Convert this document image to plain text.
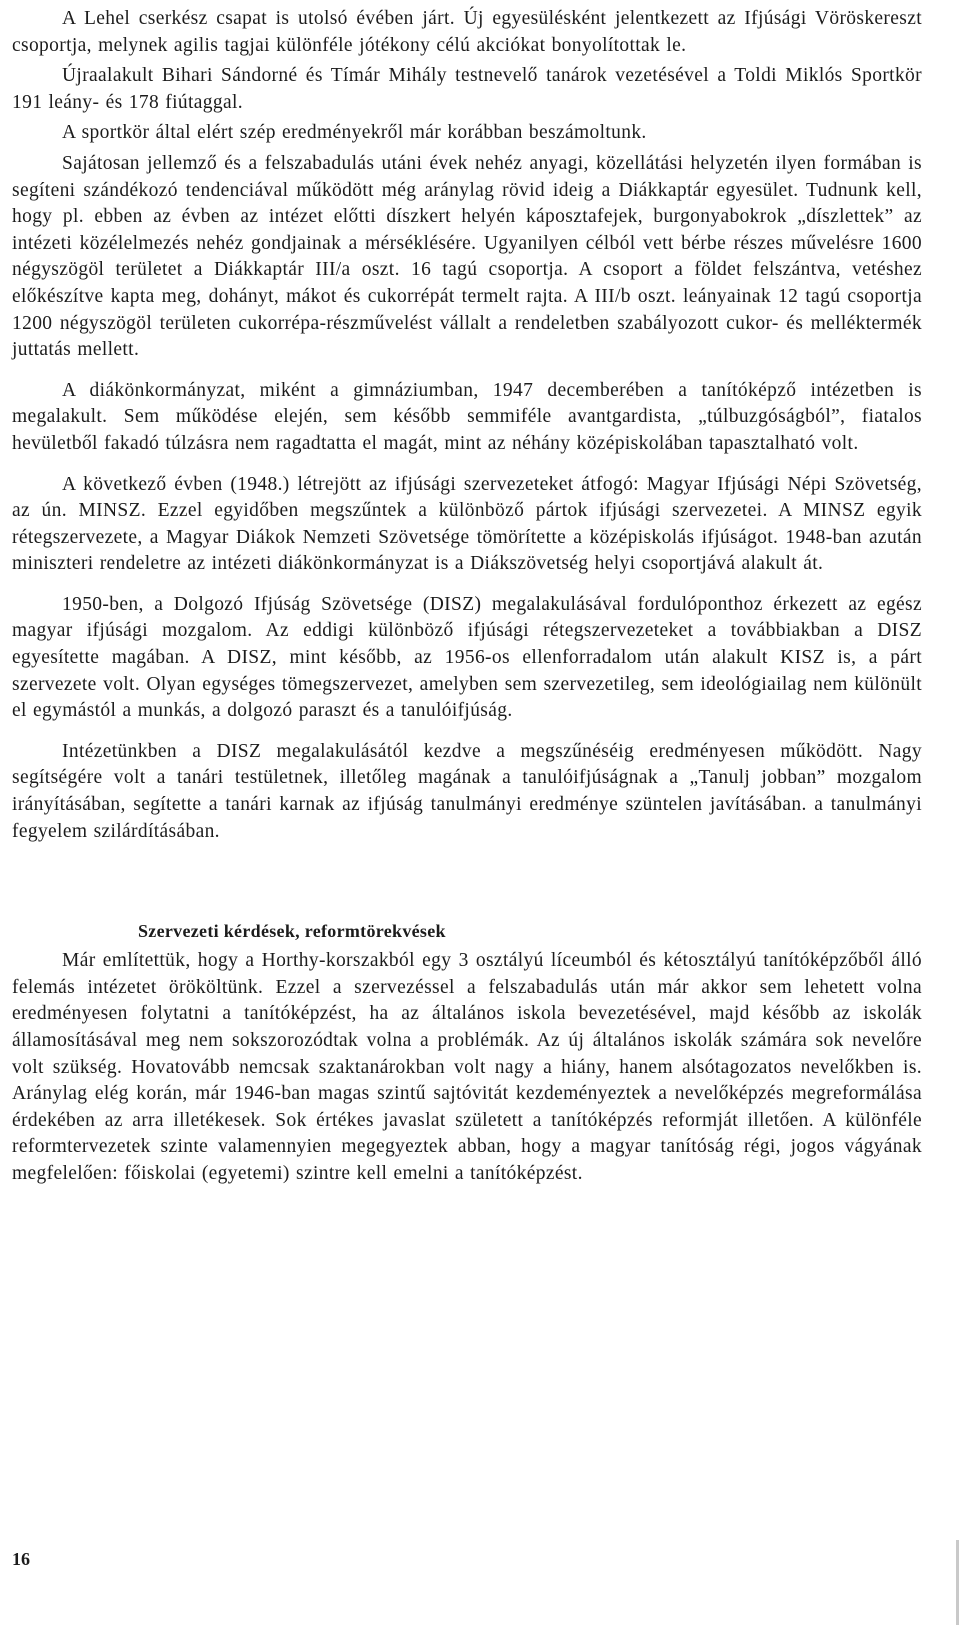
A Lehel cserkész csapat is utolsó évében járt. Új egyesülésként jelentkezett az Ifjúsági Vöröskereszt csoportja, melynek agilis tagjai különféle jótékony célú akciókat bonyolítottak le.

Újraalakult Bihari Sándorné és Tímár Mihály testnevelő tanárok vezetésével a Toldi Miklós Sportkör 191 leány- és 178 fiútaggal.

A sportkör által elért szép eredményekről már korábban beszámoltunk.

Sajátosan jellemző és a felszabadulás utáni évek nehéz anyagi, közellátási helyzetén ilyen formában is segíteni szándékozó tendenciával működött még aránylag rövid ideig a Diákkaptár egyesület. Tudnunk kell, hogy pl. ebben az évben az intézet előtti díszkert helyén káposztafejek, burgonyabokrok „díszlettek” az intézeti közélelmezés nehéz gondjainak a mérséklésére. Ugyanilyen célból vett bérbe részes művelésre 1600 négyszögöl területet a Diákkaptár III/a oszt. 16 tagú csoportja. A csoport a földet felszántva, vetéshez előkészítve kapta meg, dohányt, mákot és cukorrépát termelt rajta. A III/b oszt. leányainak 12 tagú csoportja 1200 négyszögöl területen cukorrépa-részművelést vállalt a rendeletben szabályozott cukor- és melléktermék juttatás mellett.

A diákönkormányzat, miként a gimnáziumban, 1947 decemberében a tanítóképző intézetben is megalakult. Sem működése elején, sem később semmiféle avantgardista, „túlbuzgóságból”, fiatalos hevületből fakadó túlzásra nem ragadtatta el magát, mint az néhány középiskolában tapasztalható volt.

A következő évben (1948.) létrejött az ifjúsági szervezeteket átfogó: Magyar Ifjúsági Népi Szövetség, az ún. MINSZ. Ezzel egyidőben megszűntek a különböző pártok ifjúsági szervezetei. A MINSZ egyik rétegszervezete, a Magyar Diákok Nemzeti Szövetsége tömörítette a középiskolás ifjúságot. 1948-ban azután miniszteri rendeletre az intézeti diákönkormányzat is a Diákszövetség helyi csoportjává alakult át.

1950-ben, a Dolgozó Ifjúság Szövetsége (DISZ) megalakulásával fordulóponthoz érkezett az egész magyar ifjúsági mozgalom. Az eddigi különböző ifjúsági rétegszervezeteket a továbbiakban a DISZ egyesítette magában. A DISZ, mint később, az 1956-os ellenforradalom után alakult KISZ is, a párt szervezete volt. Olyan egységes tömegszervezet, amelyben sem szervezetileg, sem ideológiailag nem különült el egymástól a munkás, a dolgozó paraszt és a tanulóifjúság.

Intézetünkben a DISZ megalakulásától kezdve a megszűnéséig eredményesen működött. Nagy segítségére volt a tanári testületnek, illetőleg magának a tanulóifjúságnak a „Tanulj jobban” mozgalom irányításában, segítette a tanári karnak az ifjúság tanulmányi eredménye szüntelen javításában. a tanulmányi fegyelem szilárdításában.

Szervezeti kérdések, reformtörekvések

Már említettük, hogy a Horthy-korszakból egy 3 osztályú líceumból és kétosztályú tanítóképzőből álló felemás intézetet örököltünk. Ezzel a szervezéssel a felszabadulás után már akkor sem lehetett volna eredményesen folytatni a tanítóképzést, ha az általános iskola bevezetésével, majd később az iskolák államosításával meg nem sokszorozódtak volna a problémák. Az új általános iskolák számára sok nevelőre volt szükség. Hovatovább nemcsak szaktanárokban volt nagy a hiány, hanem alsótagozatos nevelőkben is. Aránylag elég korán, már 1946-ban magas szintű sajtóvitát kezdeményeztek a nevelőképzés megreformálása érdekében az arra illetékesek. Sok értékes javaslat született a tanítóképzés reformját illetően. A különféle reformtervezetek szinte valamennyien megegyeztek abban, hogy a magyar tanítóság régi, jogos vágyának megfelelően: főiskolai (egyetemi) szintre kell emelni a tanítóképzést.

16
